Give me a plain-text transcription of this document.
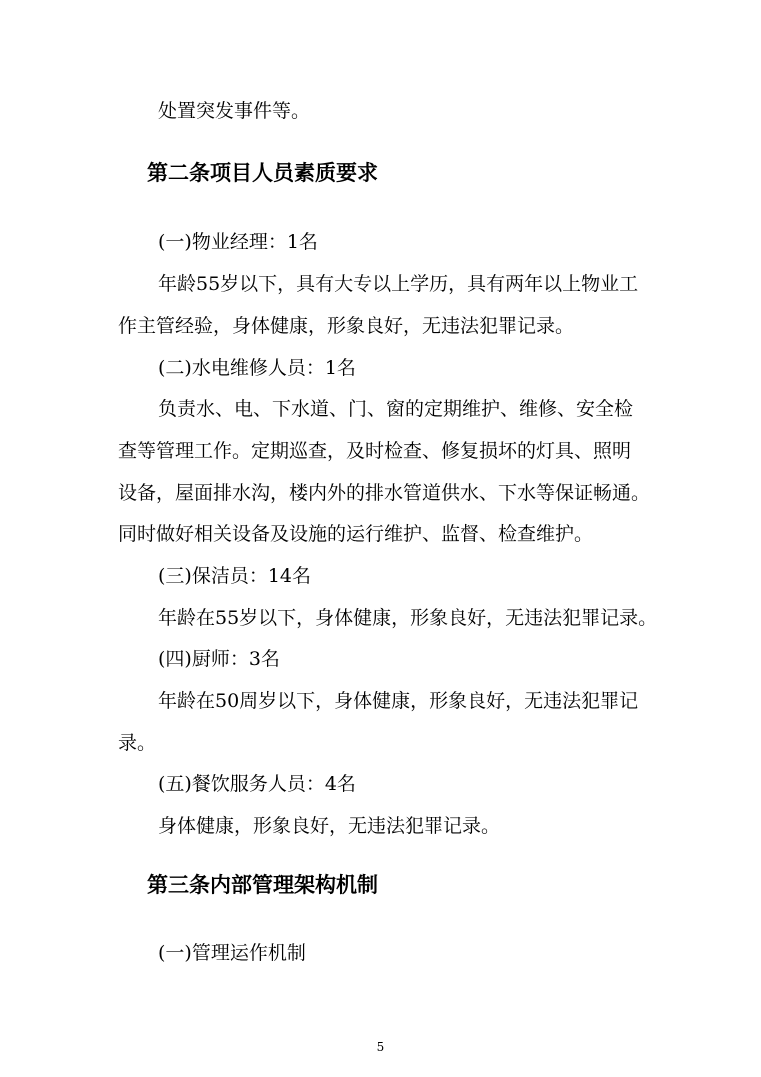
处置突发事件等。

第二条项目人员素质要求

(一)物业经理：1名

年龄55岁以下，具有大专以上学历，具有两年以上物业工

作主管经验，身体健康，形象良好，无违法犯罪记录。

(二)水电维修人员：1名

负责水、电、下水道、门、窗的定期维护、维修、安全检

查等管理工作。定期巡查，及时检查、修复损坏的灯具、照明

设备，屋面排水沟，楼内外的排水管道供水、下水等保证畅通。

同时做好相关设备及设施的运行维护、监督、检查维护。

(三)保洁员：14名

年龄在55岁以下，身体健康，形象良好，无违法犯罪记录。

(四)厨师：3名

年龄在50周岁以下，身体健康，形象良好，无违法犯罪记

录。

(五)餐饮服务人员：4名

身体健康，形象良好，无违法犯罪记录。

第三条内部管理架构机制

(一)管理运作机制

5
